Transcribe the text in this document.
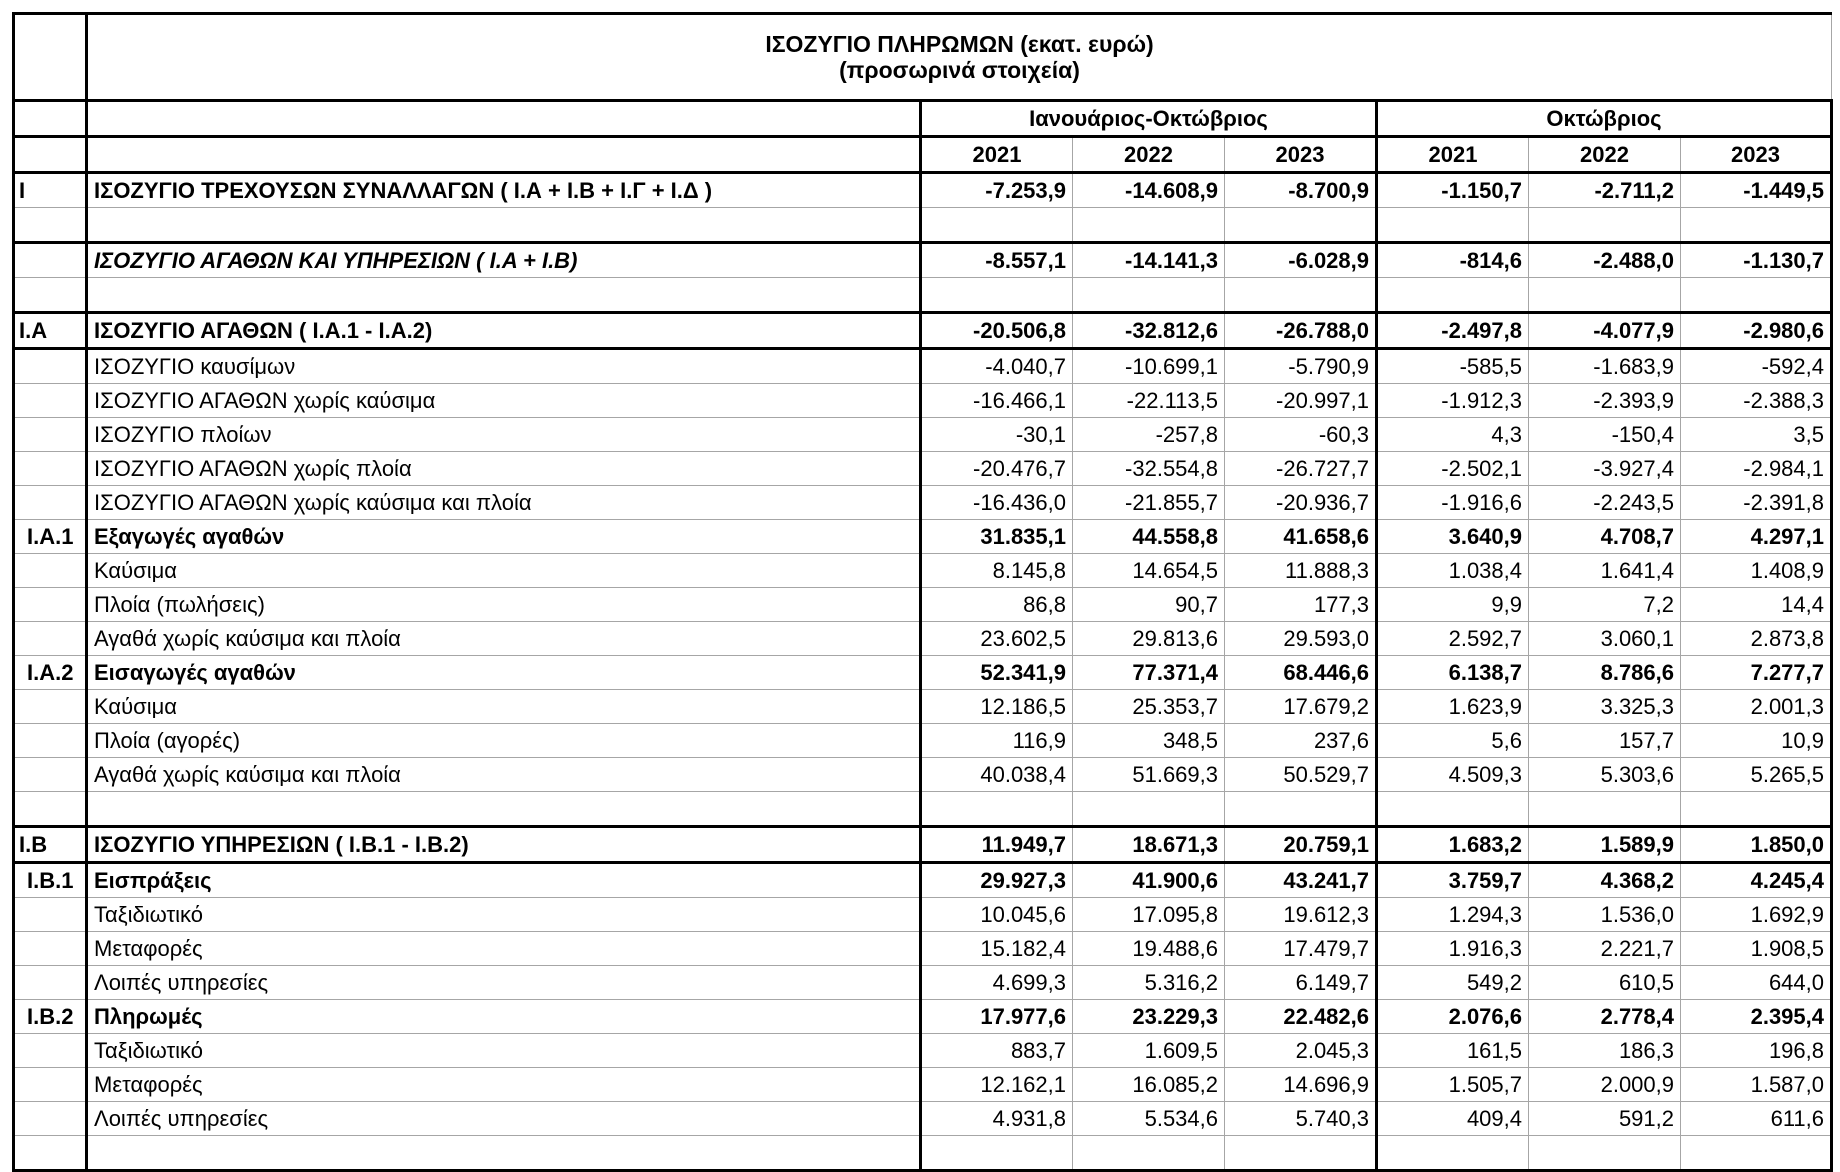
	ΙΣΟΖΥΓΙΟ ΠΛΗΡΩΜΩΝ (εκατ. ευρώ)
(προσωρινά στοιχεία)						

		Ιανουάριος-Οκτώβριος			Οκτώβριος		
		2021	2022	2023	2021	2022	2023
I	ΙΣΟΖΥΓΙΟ ΤΡΕΧΟΥΣΩΝ ΣΥΝΑΛΛΑΓΩΝ ( Ι.Α + Ι.Β + Ι.Γ + Ι.Δ )	-7.253,9	-14.608,9	-8.700,9	-1.150,7	-2.711,2	-1.449,5

	ΙΣΟΖΥΓΙΟ ΑΓΑΘΩΝ ΚΑΙ ΥΠΗΡΕΣΙΩΝ ( Ι.Α + Ι.Β)	-8.557,1	-14.141,3	-6.028,9	-814,6	-2.488,0	-1.130,7

I.A	ΙΣΟΖΥΓΙΟ ΑΓΑΘΩΝ ( Ι.Α.1 - Ι.Α.2)	-20.506,8	-32.812,6	-26.788,0	-2.497,8	-4.077,9	-2.980,6
	ΙΣΟΖΥΓΙΟ καυσίμων	-4.040,7	-10.699,1	-5.790,9	-585,5	-1.683,9	-592,4
	ΙΣΟΖΥΓΙΟ ΑΓΑΘΩΝ χωρίς καύσιμα	-16.466,1	-22.113,5	-20.997,1	-1.912,3	-2.393,9	-2.388,3
	ΙΣΟΖΥΓΙΟ πλοίων	-30,1	-257,8	-60,3	4,3	-150,4	3,5
	ΙΣΟΖΥΓΙΟ ΑΓΑΘΩΝ χωρίς πλοία	-20.476,7	-32.554,8	-26.727,7	-2.502,1	-3.927,4	-2.984,1
	ΙΣΟΖΥΓΙΟ ΑΓΑΘΩΝ χωρίς καύσιμα και πλοία	-16.436,0	-21.855,7	-20.936,7	-1.916,6	-2.243,5	-2.391,8
I.A.1	Εξαγωγές αγαθών	31.835,1	44.558,8	41.658,6	3.640,9	4.708,7	4.297,1
	Καύσιμα	8.145,8	14.654,5	11.888,3	1.038,4	1.641,4	1.408,9
	Πλοία (πωλήσεις)	86,8	90,7	177,3	9,9	7,2	14,4
	Αγαθά χωρίς καύσιμα και πλοία	23.602,5	29.813,6	29.593,0	2.592,7	3.060,1	2.873,8
I.A.2	Εισαγωγές αγαθών	52.341,9	77.371,4	68.446,6	6.138,7	8.786,6	7.277,7
	Καύσιμα	12.186,5	25.353,7	17.679,2	1.623,9	3.325,3	2.001,3
	Πλοία (αγορές)	116,9	348,5	237,6	5,6	157,7	10,9
	Αγαθά χωρίς καύσιμα και πλοία	40.038,4	51.669,3	50.529,7	4.509,3	5.303,6	5.265,5

I.B	ΙΣΟΖΥΓΙΟ ΥΠΗΡΕΣΙΩΝ ( Ι.Β.1 - Ι.Β.2)	11.949,7	18.671,3	20.759,1	1.683,2	1.589,9	1.850,0
I.B.1	Εισπράξεις	29.927,3	41.900,6	43.241,7	3.759,7	4.368,2	4.245,4
	Ταξιδιωτικό	10.045,6	17.095,8	19.612,3	1.294,3	1.536,0	1.692,9
	Μεταφορές	15.182,4	19.488,6	17.479,7	1.916,3	2.221,7	1.908,5
	Λοιπές υπηρεσίες	4.699,3	5.316,2	6.149,7	549,2	610,5	644,0
I.B.2	Πληρωμές	17.977,6	23.229,3	22.482,6	2.076,6	2.778,4	2.395,4
	Ταξιδιωτικό	883,7	1.609,5	2.045,3	161,5	186,3	196,8
	Μεταφορές	12.162,1	16.085,2	14.696,9	1.505,7	2.000,9	1.587,0
	Λοιπές υπηρεσίες	4.931,8	5.534,6	5.740,3	409,4	591,2	611,6
